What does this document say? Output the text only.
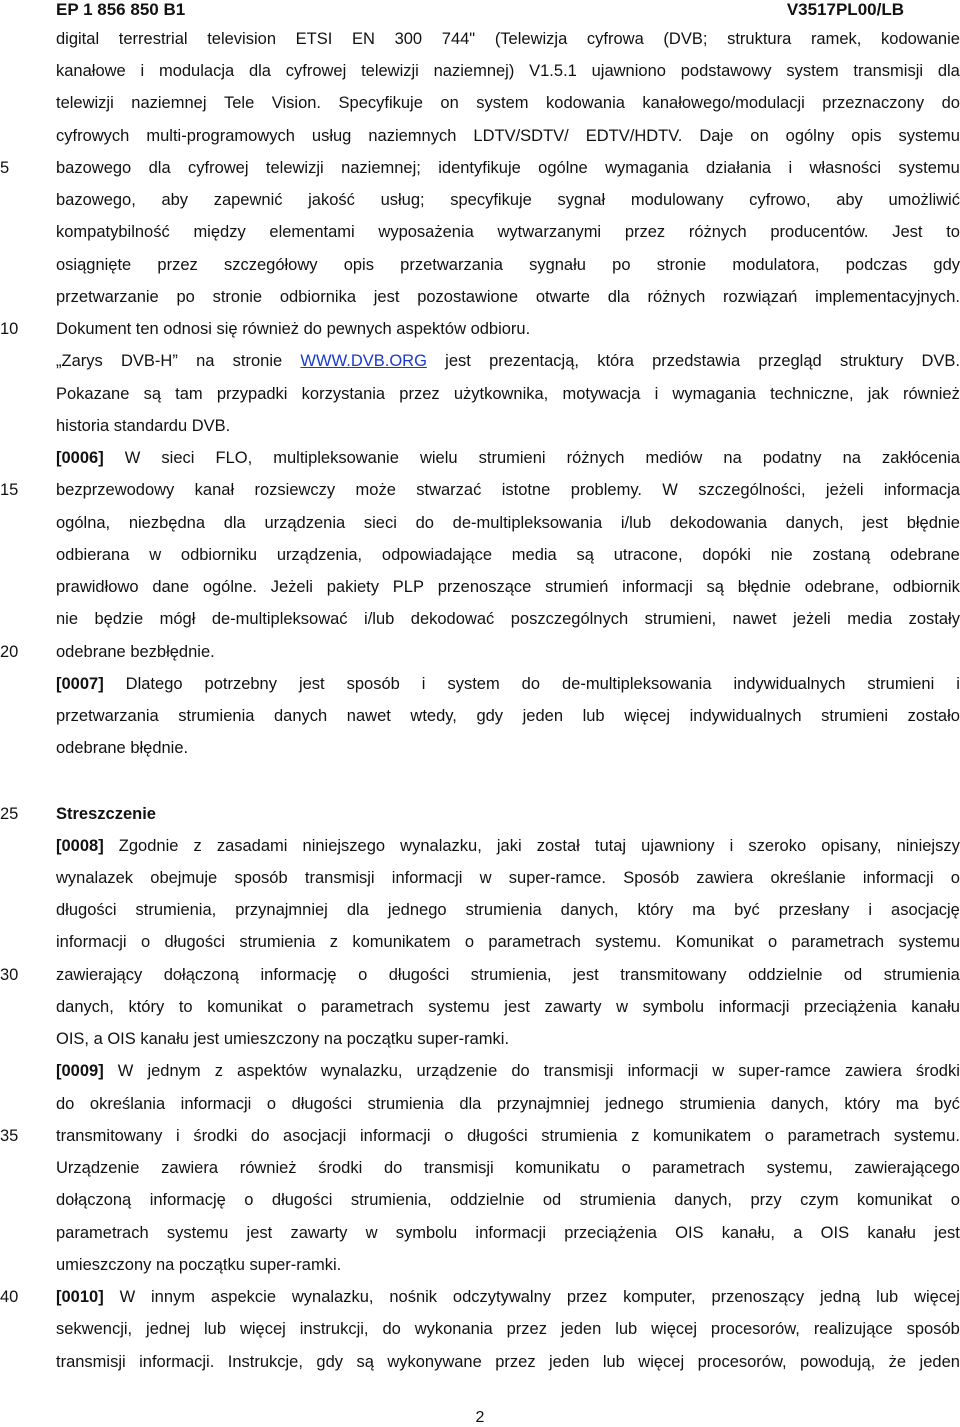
EP 1 856 850 B1	V3517PL00/LB
digital terrestrial television ETSI EN 300 744" (Telewizja cyfrowa (DVB; struktura ramek, kodowanie
kanałowe i modulacja dla cyfrowej telewizji naziemnej) V1.5.1 ujawniono podstawowy system transmisji dla
telewizji naziemnej Tele Vision. Specyfikuje on system kodowania kanałowego/modulacji przeznaczony do
cyfrowych multi-programowych usług naziemnych LDTV/SDTV/ EDTV/HDTV. Daje on ogólny opis systemu
bazowego dla cyfrowej telewizji naziemnej; identyfikuje ogólne wymagania działania i własności systemu
bazowego, aby zapewnić jakość usług; specyfikuje sygnał modulowany cyfrowo, aby umożliwić
kompatybilność między elementami wyposażenia wytwarzanymi przez różnych producentów. Jest to
osiągnięte przez szczegółowy opis przetwarzania sygnału po stronie modulatora, podczas gdy
przetwarzanie po stronie odbiornika jest pozostawione otwarte dla różnych rozwiązań implementacyjnych.
Dokument ten odnosi się również do pewnych aspektów odbioru.
„Zarys DVB-H” na stronie WWW.DVB.ORG jest prezentacją, która przedstawia przegląd struktury DVB.
Pokazane są tam przypadki korzystania przez użytkownika, motywacja i wymagania techniczne, jak również
historia standardu DVB.
[0006] W sieci FLO, multipleksowanie wielu strumieni różnych mediów na podatny na zakłócenia
bezprzewodowy kanał rozsiewczy może stwarzać istotne problemy. W szczególności, jeżeli informacja
ogólna, niezbędna dla urządzenia sieci do de-multipleksowania i/lub dekodowania danych, jest błędnie
odbierana w odbiorniku urządzenia, odpowiadające media są utracone, dopóki nie zostaną odebrane
prawidłowo dane ogólne. Jeżeli pakiety PLP przenoszące strumień informacji są błędnie odebrane, odbiornik
nie będzie mógł de-multipleksować i/lub dekodować poszczególnych strumieni, nawet jeżeli media zostały
odebrane bezbłędnie.
[0007] Dlatego potrzebny jest sposób i system do de-multipleksowania indywidualnych strumieni i
przetwarzania strumienia danych nawet wtedy, gdy jeden lub więcej indywidualnych strumieni zostało
odebrane błędnie.
Streszczenie
[0008] Zgodnie z zasadami niniejszego wynalazku, jaki został tutaj ujawniony i szeroko opisany, niniejszy
wynalazek obejmuje sposób transmisji informacji w super-ramce. Sposób zawiera określanie informacji o
długości strumienia, przynajmniej dla jednego strumienia danych, który ma być przesłany i asocjację
informacji o długości strumienia z komunikatem o parametrach systemu. Komunikat o parametrach systemu
zawierający dołączoną informację o długości strumienia, jest transmitowany oddzielnie od strumienia
danych, który to komunikat o parametrach systemu jest zawarty w symbolu informacji przeciążenia kanału
OIS, a OIS kanału jest umieszczony na początku super-ramki.
[0009] W jednym z aspektów wynalazku, urządzenie do transmisji informacji w super-ramce zawiera środki
do określania informacji o długości strumienia dla przynajmniej jednego strumienia danych, który ma być
transmitowany i środki do asocjacji informacji o długości strumienia z komunikatem o parametrach systemu.
Urządzenie zawiera również środki do transmisji komunikatu o parametrach systemu, zawierającego
dołączoną informację o długości strumienia, oddzielnie od strumienia danych, przy czym komunikat o
parametrach systemu jest zawarty w symbolu informacji przeciążenia OIS kanału, a OIS kanału jest
umieszczony na początku super-ramki.
[0010] W innym aspekcie wynalazku, nośnik odczytywalny przez komputer, przenoszący jedną lub więcej
sekwencji, jednej lub więcej instrukcji, do wykonania przez jeden lub więcej procesorów, realizujące sposób
transmisji informacji. Instrukcje, gdy są wykonywane przez jeden lub więcej procesorów, powodują, że jeden
5
10
15
20
25
30
35
40
2
